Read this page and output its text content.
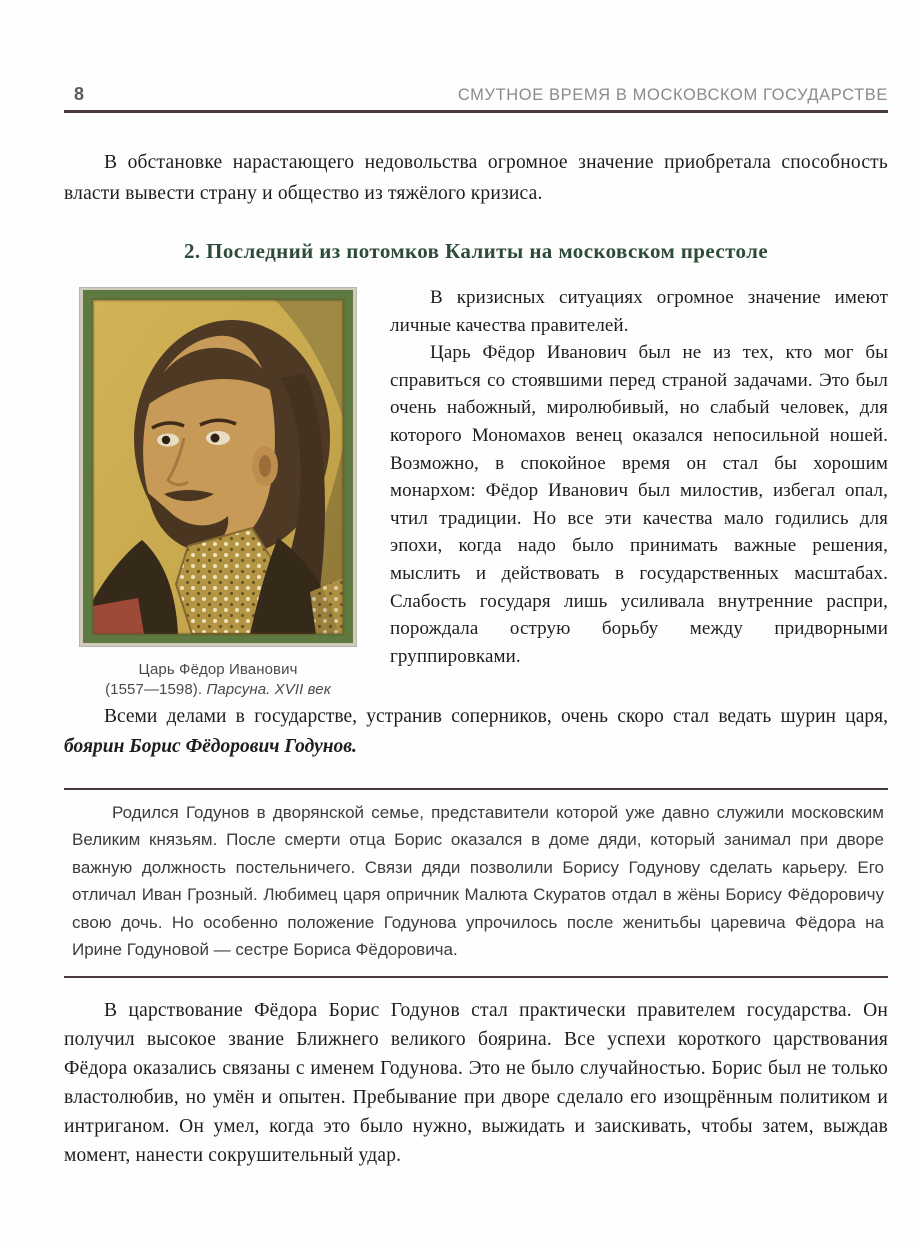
8	СМУТНОЕ ВРЕМЯ В МОСКОВСКОМ ГОСУДАРСТВЕ

В обстановке нарастающего недовольства огромное значение приобретала способность власти вывести страну и общество из тяжёлого кризиса.

2. Последний из потомков Калиты на московском престоле
Царь Фёдор Иванович
(1557—1598). Парсуна. XVII век

В кризисных ситуациях огромное значение имеют личные качества правителей.

Царь Фёдор Иванович был не из тех, кто мог бы справиться со стоявшими перед страной задачами. Это был очень набожный, миролюбивый, но слабый человек, для которого Мономахов венец оказался непосильной ношей. Возможно, в спокойное время он стал бы хорошим монархом: Фёдор Иванович был милостив, избегал опал, чтил традиции. Но все эти качества мало годились для эпохи, когда надо было принимать важные решения, мыслить и действовать в государственных масштабах. Слабость государя лишь усиливала внутренние распри, порождала острую борьбу между придворными группировками.

Всеми делами в государстве, устранив соперников, очень скоро стал ведать шурин царя, боярин Борис Фёдорович Годунов.

Родился Годунов в дворянской семье, представители которой уже давно служили московским Великим князьям. После смерти отца Борис оказался в доме дяди, который занимал при дворе важную должность постельничего. Связи дяди позволили Борису Годунову сделать карьеру. Его отличал Иван Грозный. Любимец царя опричник Малюта Скуратов отдал в жёны Борису Фёдоровичу свою дочь. Но особенно положение Годунова упрочилось после женитьбы царевича Фёдора на Ирине Годуновой — сестре Бориса Фёдоровича.

В царствование Фёдора Борис Годунов стал практически правителем государства. Он получил высокое звание Ближнего великого боярина. Все успехи короткого царствования Фёдора оказались связаны с именем Годунова. Это не было случайностью. Борис был не только властолюбив, но умён и опытен. Пребывание при дворе сделало его изощрённым политиком и интриганом. Он умел, когда это было нужно, выжидать и заискивать, чтобы затем, выждав момент, нанести сокрушительный удар.
